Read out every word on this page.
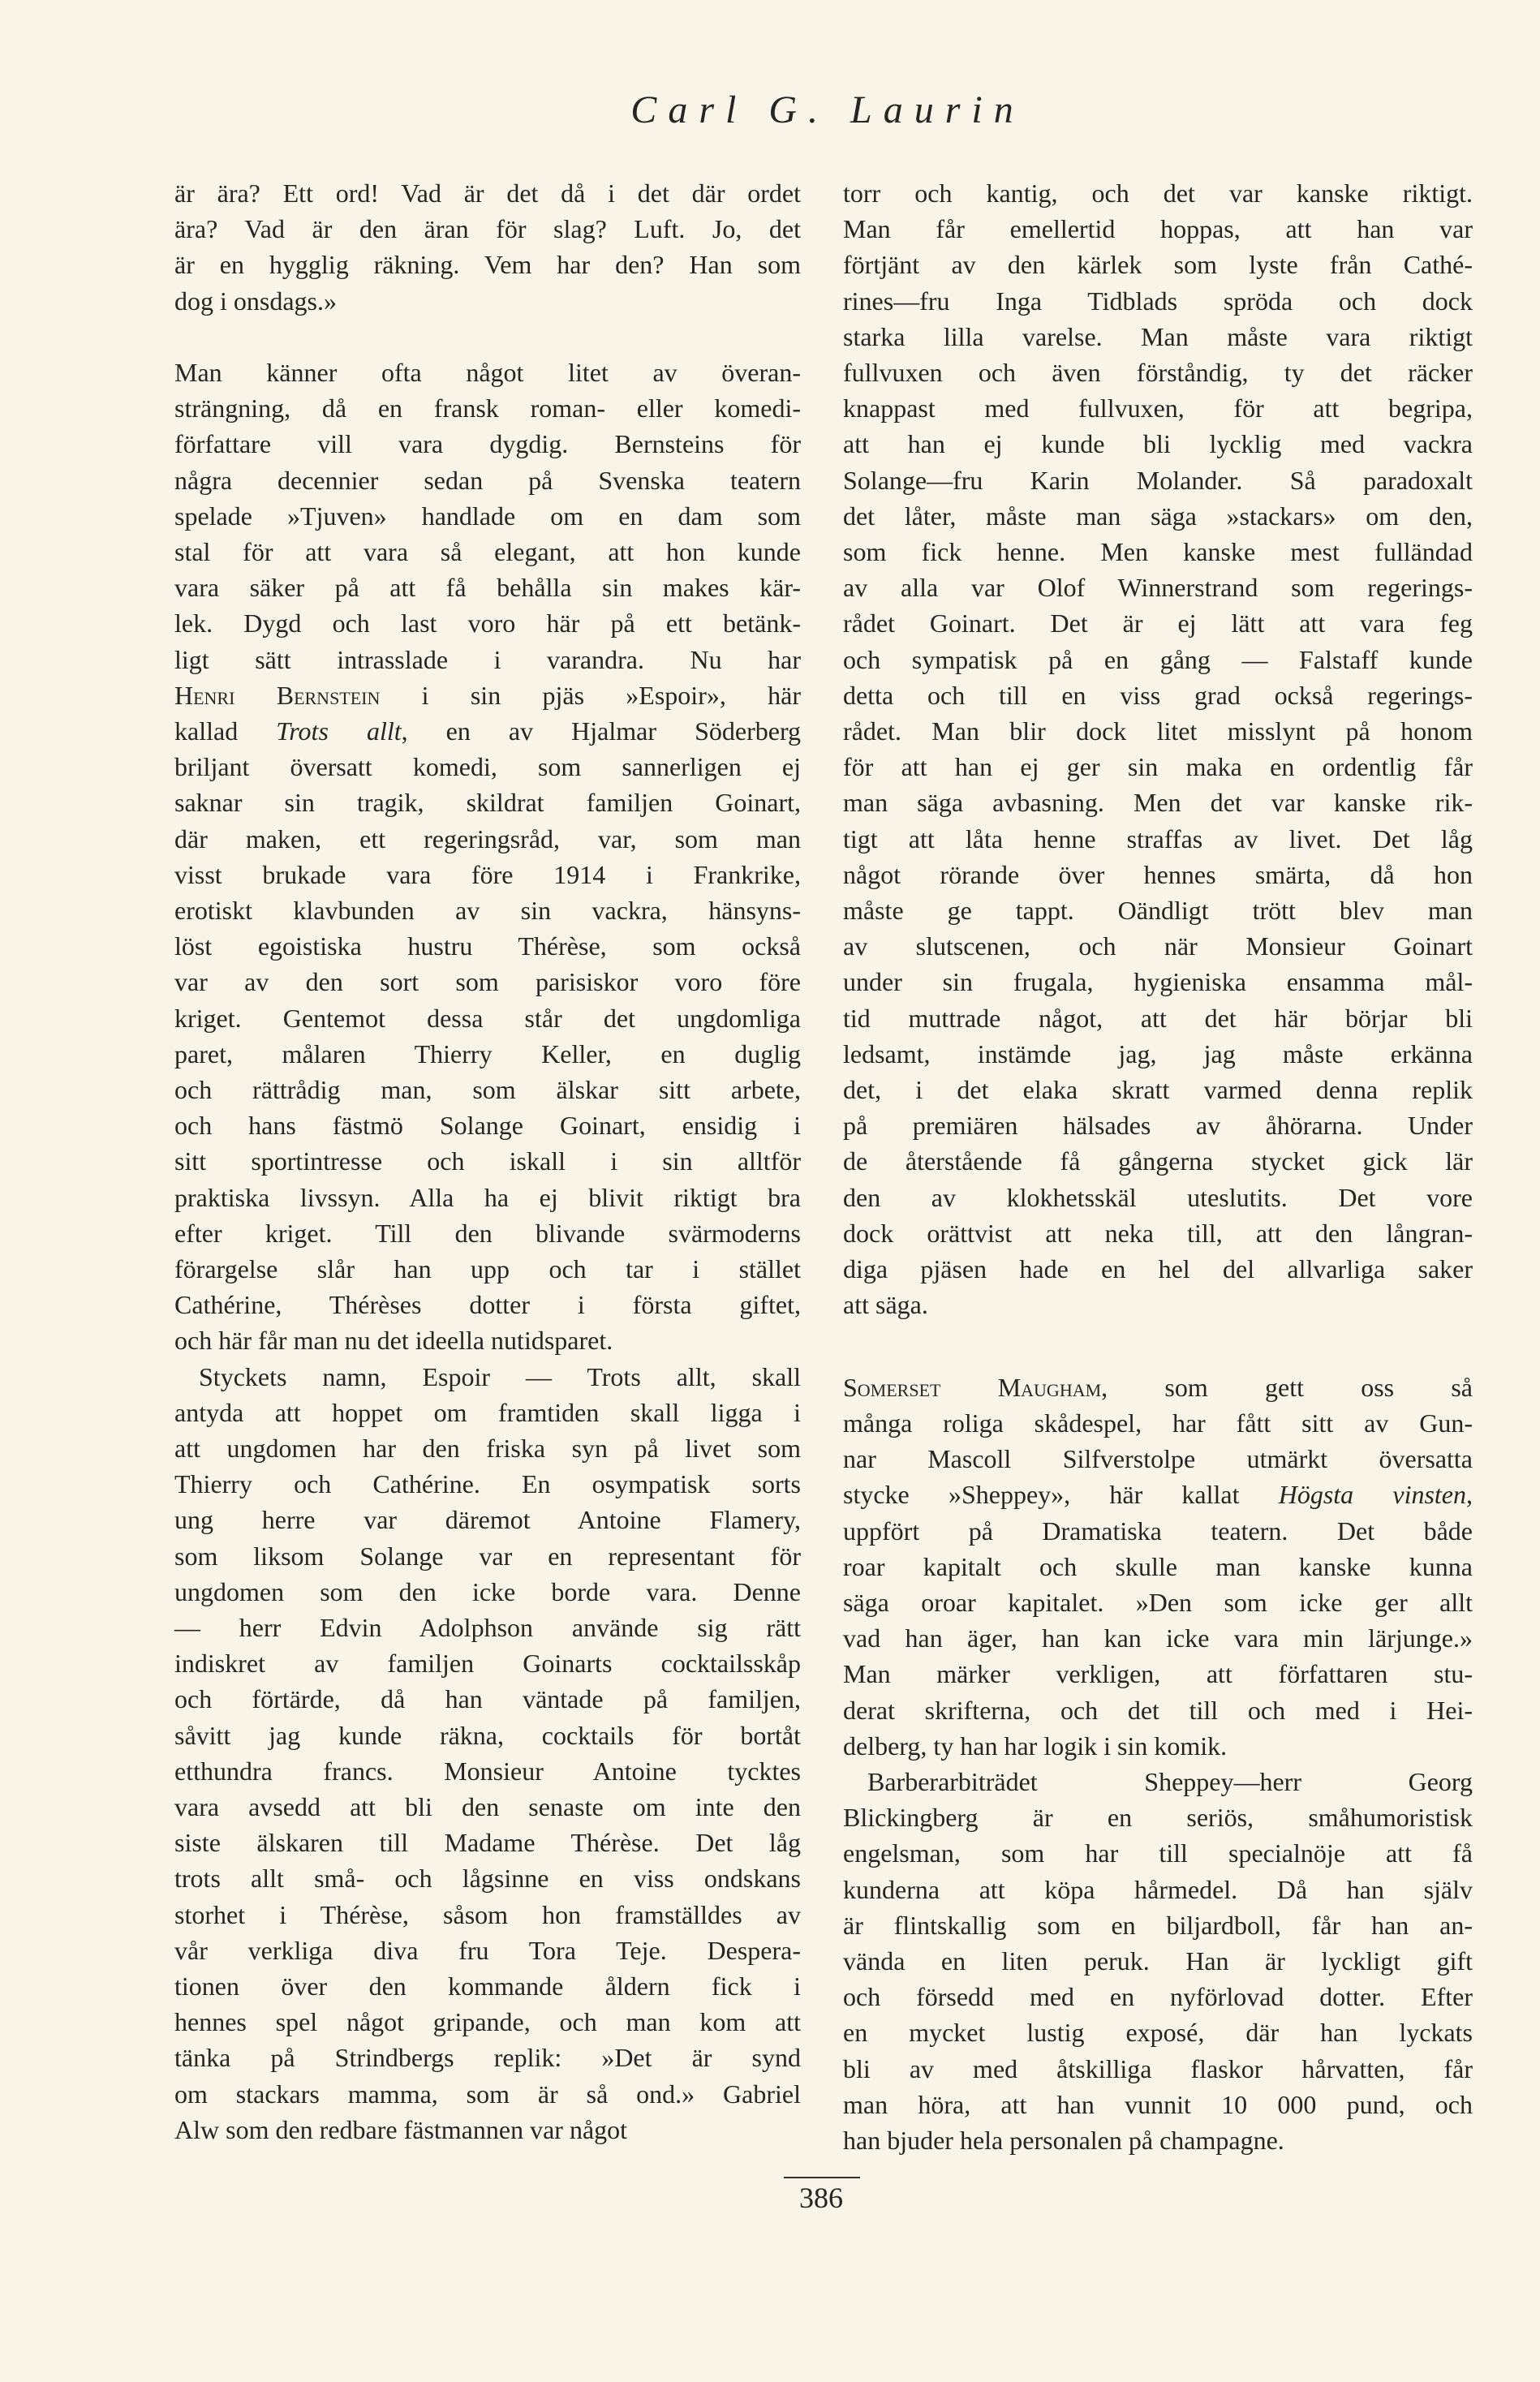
Carl G. Laurin
är ära? Ett ord! Vad är det då i det där ordet
ära? Vad är den äran för slag? Luft. Jo, det
är en hygglig räkning. Vem har den? Han som
dog i onsdags.»
Man känner ofta något litet av överan-
strängning, då en fransk roman- eller komedi-
författare vill vara dygdig. Bernsteins för
några decennier sedan på Svenska teatern
spelade »Tjuven» handlade om en dam som
stal för att vara så elegant, att hon kunde
vara säker på att få behålla sin makes kär-
lek. Dygd och last voro här på ett betänk-
ligt sätt intrasslade i varandra. Nu har
Henri Bernstein i sin pjäs »Espoir», här
kallad Trots allt, en av Hjalmar Söderberg
briljant översatt komedi, som sannerligen ej
saknar sin tragik, skildrat familjen Goinart,
där maken, ett regeringsråd, var, som man
visst brukade vara före 1914 i Frankrike,
erotiskt klavbunden av sin vackra, hänsyns-
löst egoistiska hustru Thérèse, som också
var av den sort som parisiskor voro före
kriget. Gentemot dessa står det ungdomliga
paret, målaren Thierry Keller, en duglig
och rättrådig man, som älskar sitt arbete,
och hans fästmö Solange Goinart, ensidig i
sitt sportintresse och iskall i sin alltför
praktiska livssyn. Alla ha ej blivit riktigt bra
efter kriget. Till den blivande svärmoderns
förargelse slår han upp och tar i stället
Cathérine, Thérèses dotter i första giftet,
och här får man nu det ideella nutidsparet.
Styckets namn, Espoir — Trots allt, skall
antyda att hoppet om framtiden skall ligga i
att ungdomen har den friska syn på livet som
Thierry och Cathérine. En osympatisk sorts
ung herre var däremot Antoine Flamery,
som liksom Solange var en representant för
ungdomen som den icke borde vara. Denne
— herr Edvin Adolphson använde sig rätt
indiskret av familjen Goinarts cocktailsskåp
och förtärde, då han väntade på familjen,
såvitt jag kunde räkna, cocktails för bortåt
etthundra francs. Monsieur Antoine tycktes
vara avsedd att bli den senaste om inte den
siste älskaren till Madame Thérèse. Det låg
trots allt små- och lågsinne en viss ondskans
storhet i Thérèse, såsom hon framställdes av
vår verkliga diva fru Tora Teje. Despera-
tionen över den kommande åldern fick i
hennes spel något gripande, och man kom att
tänka på Strindbergs replik: »Det är synd
om stackars mamma, som är så ond.» Gabriel
Alw som den redbare fästmannen var något
torr och kantig, och det var kanske riktigt.
Man får emellertid hoppas, att han var
förtjänt av den kärlek som lyste från Cathé-
rines—fru Inga Tidblads spröda och dock
starka lilla varelse. Man måste vara riktigt
fullvuxen och även förståndig, ty det räcker
knappast med fullvuxen, för att begripa,
att han ej kunde bli lycklig med vackra
Solange—fru Karin Molander. Så paradoxalt
det låter, måste man säga »stackars» om den,
som fick henne. Men kanske mest fulländad
av alla var Olof Winnerstrand som regerings-
rådet Goinart. Det är ej lätt att vara feg
och sympatisk på en gång — Falstaff kunde
detta och till en viss grad också regerings-
rådet. Man blir dock litet misslynt på honom
för att han ej ger sin maka en ordentlig får
man säga avbasning. Men det var kanske rik-
tigt att låta henne straffas av livet. Det låg
något rörande över hennes smärta, då hon
måste ge tappt. Oändligt trött blev man
av slutscenen, och när Monsieur Goinart
under sin frugala, hygieniska ensamma mål-
tid muttrade något, att det här börjar bli
ledsamt, instämde jag, jag måste erkänna
det, i det elaka skratt varmed denna replik
på premiären hälsades av åhörarna. Under
de återstående få gångerna stycket gick lär
den av klokhetsskäl uteslutits. Det vore
dock orättvist att neka till, att den långran-
diga pjäsen hade en hel del allvarliga saker
att säga.
Somerset Maugham, som gett oss så
många roliga skådespel, har fått sitt av Gun-
nar Mascoll Silfverstolpe utmärkt översatta
stycke »Sheppey», här kallat Högsta vinsten,
uppfört på Dramatiska teatern. Det både
roar kapitalt och skulle man kanske kunna
säga oroar kapitalet. »Den som icke ger allt
vad han äger, han kan icke vara min lärjunge.»
Man märker verkligen, att författaren stu-
derat skrifterna, och det till och med i Hei-
delberg, ty han har logik i sin komik.
Barberarbiträdet Sheppey—herr Georg
Blickingberg är en seriös, småhumoristisk
engelsman, som har till specialnöje att få
kunderna att köpa hårmedel. Då han själv
är flintskallig som en biljardboll, får han an-
vända en liten peruk. Han är lyckligt gift
och försedd med en nyförlovad dotter. Efter
en mycket lustig exposé, där han lyckats
bli av med åtskilliga flaskor hårvatten, får
man höra, att han vunnit 10 000 pund, och
han bjuder hela personalen på champagne.
386
